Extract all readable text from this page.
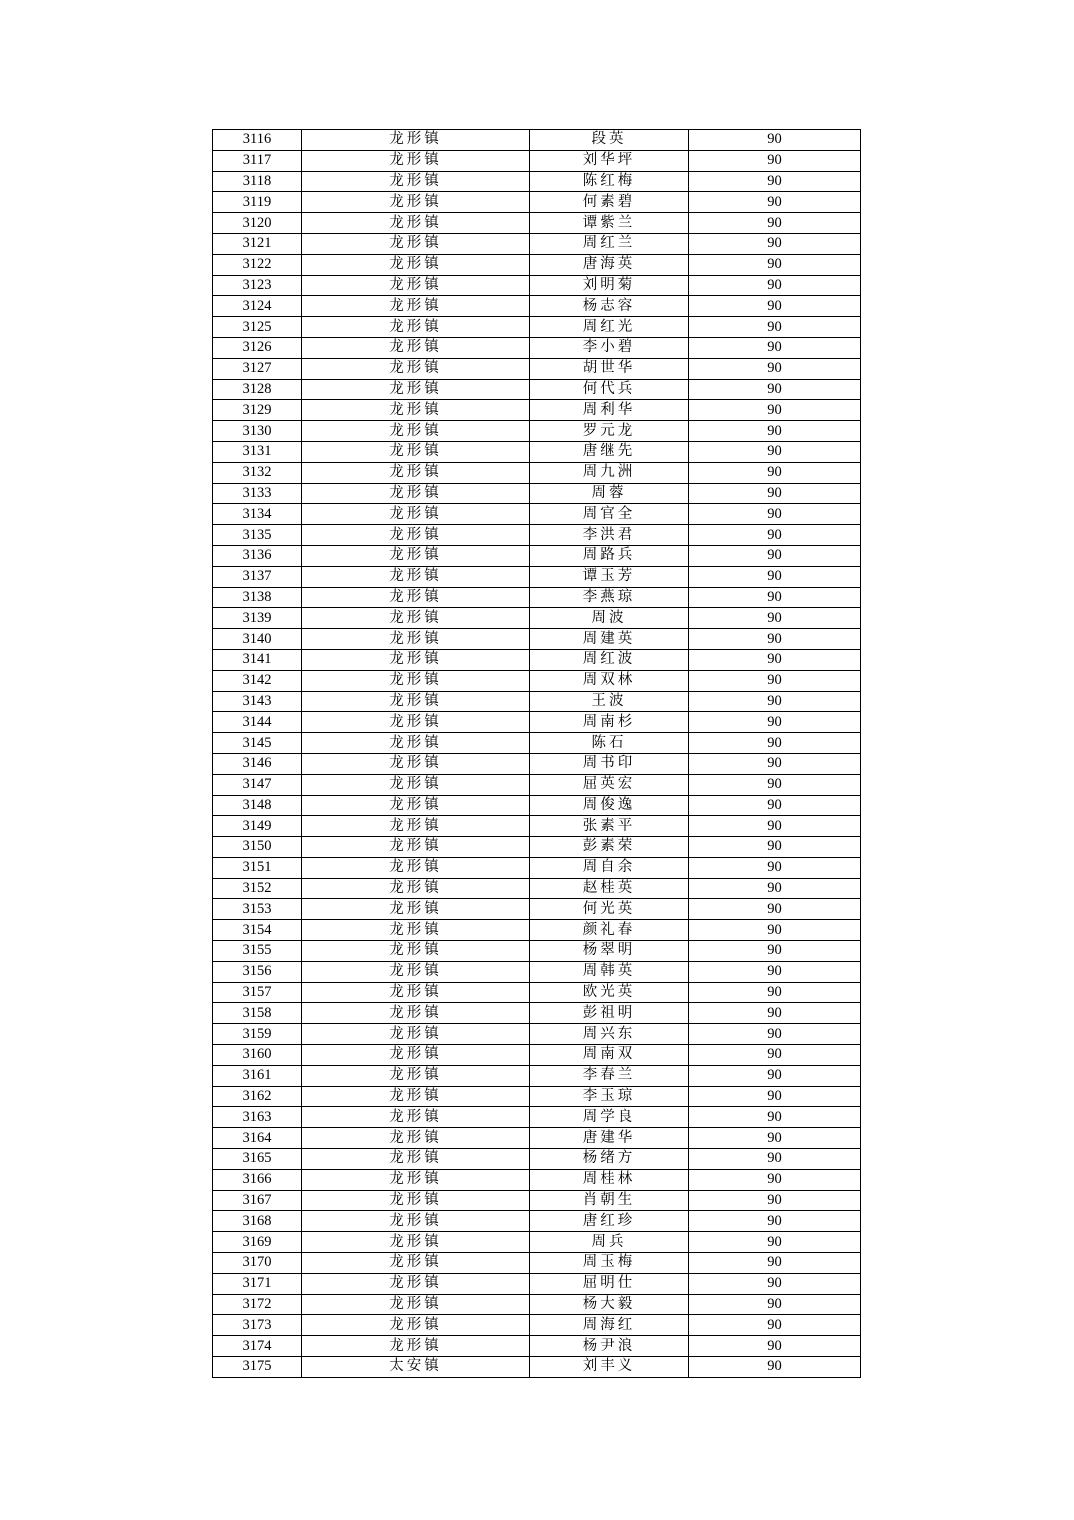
3116	龙形镇	段英	90
3117	龙形镇	刘华坪	90
3118	龙形镇	陈红梅	90
3119	龙形镇	何素碧	90
3120	龙形镇	谭紫兰	90
3121	龙形镇	周红兰	90
3122	龙形镇	唐海英	90
3123	龙形镇	刘明菊	90
3124	龙形镇	杨志容	90
3125	龙形镇	周红光	90
3126	龙形镇	李小碧	90
3127	龙形镇	胡世华	90
3128	龙形镇	何代兵	90
3129	龙形镇	周利华	90
3130	龙形镇	罗元龙	90
3131	龙形镇	唐继先	90
3132	龙形镇	周九洲	90
3133	龙形镇	周蓉	90
3134	龙形镇	周官全	90
3135	龙形镇	李洪君	90
3136	龙形镇	周路兵	90
3137	龙形镇	谭玉芳	90
3138	龙形镇	李燕琼	90
3139	龙形镇	周波	90
3140	龙形镇	周建英	90
3141	龙形镇	周红波	90
3142	龙形镇	周双林	90
3143	龙形镇	王波	90
3144	龙形镇	周南杉	90
3145	龙形镇	陈石	90
3146	龙形镇	周书印	90
3147	龙形镇	屈英宏	90
3148	龙形镇	周俊逸	90
3149	龙形镇	张素平	90
3150	龙形镇	彭素荣	90
3151	龙形镇	周自余	90
3152	龙形镇	赵桂英	90
3153	龙形镇	何光英	90
3154	龙形镇	颜礼春	90
3155	龙形镇	杨翠明	90
3156	龙形镇	周韩英	90
3157	龙形镇	欧光英	90
3158	龙形镇	彭祖明	90
3159	龙形镇	周兴东	90
3160	龙形镇	周南双	90
3161	龙形镇	李春兰	90
3162	龙形镇	李玉琼	90
3163	龙形镇	周学良	90
3164	龙形镇	唐建华	90
3165	龙形镇	杨绪方	90
3166	龙形镇	周桂林	90
3167	龙形镇	肖朝生	90
3168	龙形镇	唐红珍	90
3169	龙形镇	周兵	90
3170	龙形镇	周玉梅	90
3171	龙形镇	屈明仕	90
3172	龙形镇	杨大毅	90
3173	龙形镇	周海红	90
3174	龙形镇	杨尹浪	90
3175	太安镇	刘丰义	90
